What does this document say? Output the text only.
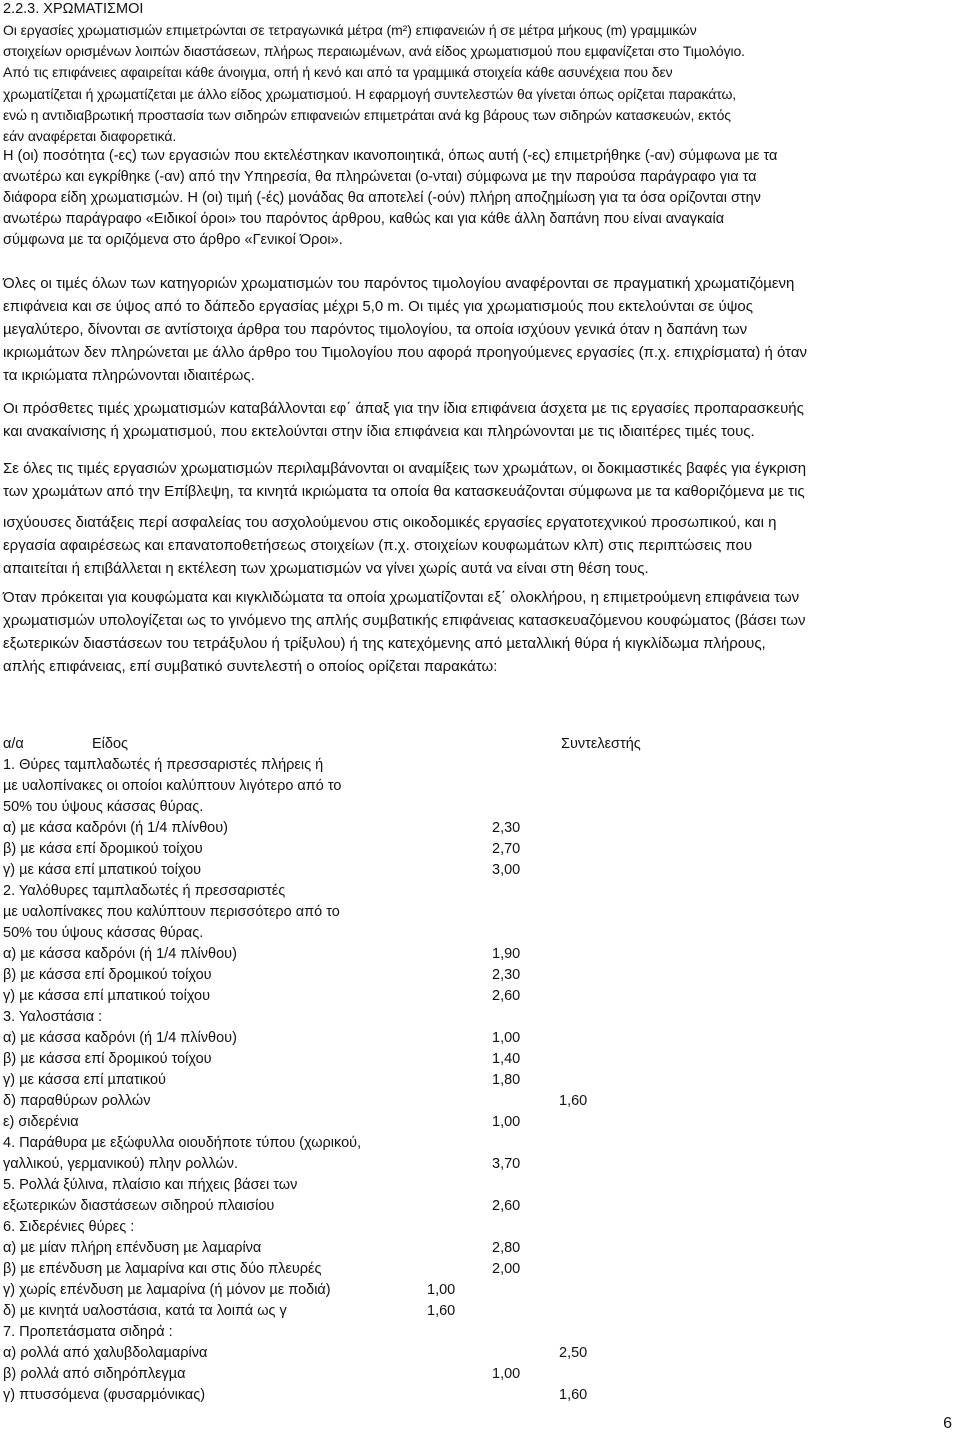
2.2.3. ΧΡΩΜΑΤΙΣΜΟΙ
Οι εργασίες χρωµατισµών επιµετρώνται σε τετραγωνικά µέτρα (m²) επιφανειών ή σε µέτρα µήκους (m) γραµµικών
στοιχείων ορισµένων λοιπών διαστάσεων, πλήρως περαιωµένων, ανά είδος χρωµατισµού που εµφανίζεται στο Τιµολόγιο.
Από τις επιφάνειες αφαιρείται κάθε άνοιγµα, οπή ή κενό και από τα γραµµικά στοιχεία κάθε ασυνέχεια που δεν
χρωµατίζεται ή χρωµατίζεται µε άλλο είδος χρωµατισµού. Η εφαρµογή συντελεστών θα γίνεται όπως ορίζεται παρακάτω,
ενώ η αντιδιαβρωτική προστασία των σιδηρών επιφανειών επιµετράται ανά kg βάρους των σιδηρών κατασκευών, εκτός
εάν αναφέρεται διαφορετικά.
Η (οι) ποσότητα (-ες) των εργασιών που εκτελέστηκαν ικανοποιητικά, όπως αυτή (-ες) επιµετρήθηκε (-αν) σύµφωνα µε τα
ανωτέρω και εγκρίθηκε (-αν) από την Υπηρεσία, θα πληρώνεται (ο-νται) σύµφωνα µε την παρούσα παράγραφο για τα
διάφορα είδη χρωµατισµών. Η (οι) τιµή (-ές) µονάδας θα αποτελεί (-ούν) πλήρη αποζηµίωση για τα όσα ορίζονται στην
ανωτέρω παράγραφο «Ειδικοί όροι» του παρόντος άρθρου, καθώς και για κάθε άλλη δαπάνη που είναι αναγκαία
σύµφωνα µε τα οριζόµενα στο άρθρο «Γενικοί Όροι».
Όλες οι τιµές όλων των κατηγοριών χρωµατισµών του παρόντος τιµολογίου αναφέρονται σε πραγµατική χρωµατιζόµενη
επιφάνεια και σε ύψος από το δάπεδο εργασίας µέχρι 5,0 m. Οι τιµές για χρωµατισµούς που εκτελούνται σε ύψος
µεγαλύτερο, δίνονται σε αντίστοιχα άρθρα του παρόντος τιµολογίου, τα οποία ισχύουν γενικά όταν η δαπάνη των
ικριωµάτων δεν πληρώνεται µε άλλο άρθρο του Τιµολογίου που αφορά προηγούµενες εργασίες (π.χ. επιχρίσµατα) ή όταν
τα ικριώµατα πληρώνονται ιδιαιτέρως.
Οι πρόσθετες τιµές χρωµατισµών καταβάλλονται εφ΄ άπαξ για την ίδια επιφάνεια άσχετα µε τις εργασίες προπαρασκευής
και ανακαίνισης ή χρωµατισµού, που εκτελούνται στην ίδια επιφάνεια και πληρώνονται µε τις ιδιαιτέρες τιµές τους.
Σε όλες τις τιµές εργασιών χρωµατισµών περιλαµβάνονται οι αναµίξεις των χρωµάτων, οι δοκιµαστικές βαφές για έγκριση
των χρωµάτων από την Επίβλεψη, τα κινητά ικριώµατα τα οποία θα κατασκευάζονται σύµφωνα µε τα καθοριζόµενα µε τις
ισχύουσες διατάξεις περί ασφαλείας του ασχολούµενου στις οικοδοµικές εργασίες εργατοτεχνικού προσωπικού, και η
εργασία αφαιρέσεως και επανατοποθετήσεως στοιχείων (π.χ. στοιχείων κουφωµάτων κλπ) στις περιπτώσεις που
απαιτείται ή επιβάλλεται η εκτέλεση των χρωµατισµών να γίνει χωρίς αυτά να είναι στη θέση τους.
Όταν πρόκειται για κουφώµατα και κιγκλιδώµατα τα οποία χρωµατίζονται εξ΄ ολοκλήρου, η επιµετρούµενη επιφάνεια των
χρωµατισµών υπολογίζεται ως το γινόµενο της απλής συµβατικής επιφάνειας κατασκευαζόµενου κουφώµατος (βάσει των
εξωτερικών διαστάσεων του τετράξυλου ή τρίξυλου) ή της κατεχόµενης από µεταλλική θύρα ή κιγκλίδωµα πλήρους,
απλής επιφάνειας, επί συµβατικό συντελεστή ο οποίος ορίζεται παρακάτω:
α/α	Είδος	Συντελεστής
1. Θύρες ταµπλαδωτές ή πρεσσαριστές πλήρεις ή
µε υαλοπίνακες οι οποίοι καλύπτουν λιγότερο από το
50% του ύψους κάσσας θύρας.
α) µε κάσα καδρόνι (ή 1/4 πλίνθου)	2,30
β) µε κάσα επί δροµικού τοίχου	2,70
γ) µε κάσα επί µπατικού τοίχου	3,00
2. Υαλόθυρες ταµπλαδωτές ή πρεσσαριστές
µε υαλοπίνακες που καλύπτουν περισσότερο από το
50% του ύψους κάσσας θύρας.
α) µε κάσσα καδρόνι (ή 1/4 πλίνθου)	1,90
β) µε κάσσα επί δροµικού τοίχου	2,30
γ) µε κάσσα επί µπατικού τοίχου	2,60
3. Υαλοστάσια :
α) µε κάσσα καδρόνι (ή 1/4 πλίνθου)	1,00
β) µε κάσσα επί δροµικού τοίχου	1,40
γ) µε κάσσα επί µπατικού	1,80
δ) παραθύρων ρολλών	1,60
ε) σιδερένια	1,00
4. Παράθυρα µε εξώφυλλα οιουδήποτε τύπου (χωρικού,
γαλλικού, γερµανικού) πλην ρολλών.	3,70
5. Ρολλά ξύλινα, πλαίσιο και πήχεις βάσει των
εξωτερικών διαστάσεων σιδηρού πλαισίου	2,60
6. Σιδερένιες θύρες :
α) µε µίαν πλήρη επένδυση µε λαµαρίνα	2,80
β) µε επένδυση µε λαµαρίνα και στις δύο πλευρές	2,00
γ) χωρίς επένδυση µε λαµαρίνα (ή µόνον µε ποδιά)	1,00
δ) µε κινητά υαλοστάσια, κατά τα λοιπά ως γ	1,60
7. Προπετάσµατα σιδηρά :
α) ρολλά από χαλυβδολαµαρίνα	2,50
β) ρολλά από σιδηρόπλεγµα	1,00
γ) πτυσσόµενα (φυσαρµόνικας)	1,60
6
